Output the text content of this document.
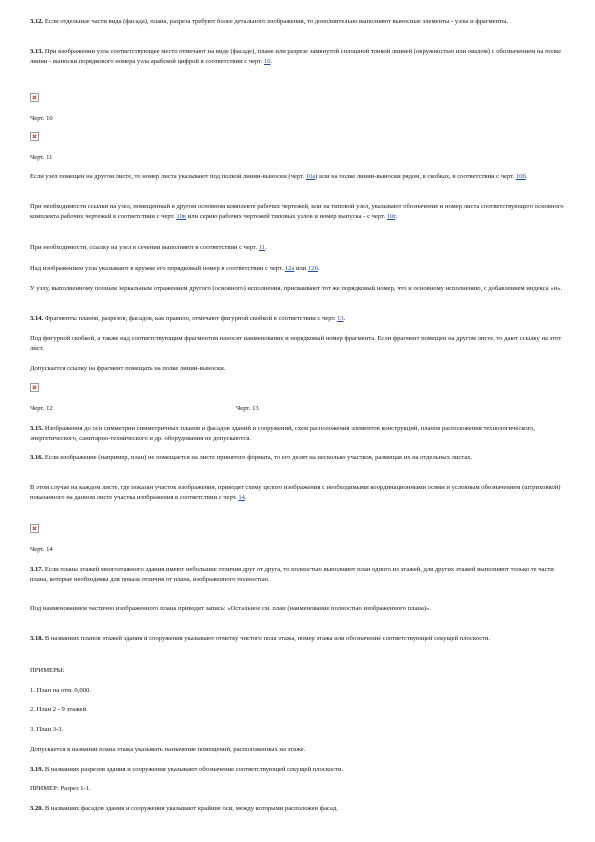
3.12. Если отдельные части вида (фасада), плана, разреза требуют более детального изображения, то дополнительно выполняют выносные элементы - узлы и фрагменты.

3.13. При изображении узла соответствующее место отмечают на виде (фасаде), плане или разрезе замкнутой сплошной тонкой линией (окружностью или овалом) с обозначением на полке линии - выноски порядкового номера узла арабской цифрой в соответствии с черт. 10.

Черт. 10

Черт. 11

Если узел помещен на другом листе, то номер листа указывают под полкой линии-выноски (черт. 10а) или на полке линии-выноски рядом, в скобках, в соответствии с черт. 10б.

При необходимости ссылки на узел, помещенный в другом основном комплекте рабочих чертежей, или на типовой узел, указывают обозначение и номер листа соответствующего основного комплекта рабочих чертежей в соответствии с черт. 10в или серию рабочих чертежей типовых узлов и номер выпуска - с черт. 10г.

При необходимости, ссылку на узел в сечении выполняют в соответствии с черт. 11.

Над изображением узла указывают в кружке его порядковый номер в соответствии с черт. 12а или 12б.

У узлу, выполненному полным зеркальным отражением другого (основного) исполнения, присваивают тот же порядковый номер, что и основному исполнению, с добавлением индекса «н».

3.14. Фрагменты планов, разрезов, фасадов, как правило, отмечают фигурной скобкой в соответствии с черт. 13.

Под фигурной скобкой, а также над соответствующим фрагментом наносят наименование и порядковый номер фрагмента. Если фрагмент помещен на другом листе, то дают ссылку на этот лист.

Допускается ссылку на фрагмент помещать на полке линии-выноски.

Черт. 12	Черт. 13

3.15. Изображения до оси симметрии симметричных планов и фасадов зданий и сооружений, схем расположения элементов конструкций, планов расположения технологического, энергетического, санитарно-технического и др. оборудования не допускаются.

3.16. Если изображение (например, план) не помещается на листе принятого формата, то его делят на несколько участков, размещая их на отдельных листах.

В этом случае на каждом листе, где показан участок изображения, приводят схему целого изображения с необходимыми координационными осями и условным обозначением (штриховкой) показанного на данном листе участка изображения в соответствии с черт. 14.

Черт. 14

3.17. Если планы этажей многоэтажного здания имеют небольшие отличия друг от друга, то полностью выполняют план одного из этажей, для других этажей выполняют только те части плана, которые необходимы для показа отличия от плана, изображенного полностью.

Под наименованием частично изображенного плана приводят запись: «Остальное см. план (наименование полностью изображенного плана)».

3.18. В названиях планов этажей здания и сооружения указывают отметку чистого пола этажа, номер этажа или обозначение соответствующей секущей плоскости.

ПРИМЕРЫ:

1. План на отм. 0,000.

2. План 2 - 9 этажей.

3. План 3-3.

Допускается в названии плана этажа указывать назначение помещений, расположенных на этаже.

3.19. В названиях разрезов здания и сооружения указывают обозначение соответствующей секущей плоскости.

ПРИМЕР: Разрез 1-1.

3.20. В названиях фасадов здания и сооружения указывают крайние оси, между которыми расположен фасад.
